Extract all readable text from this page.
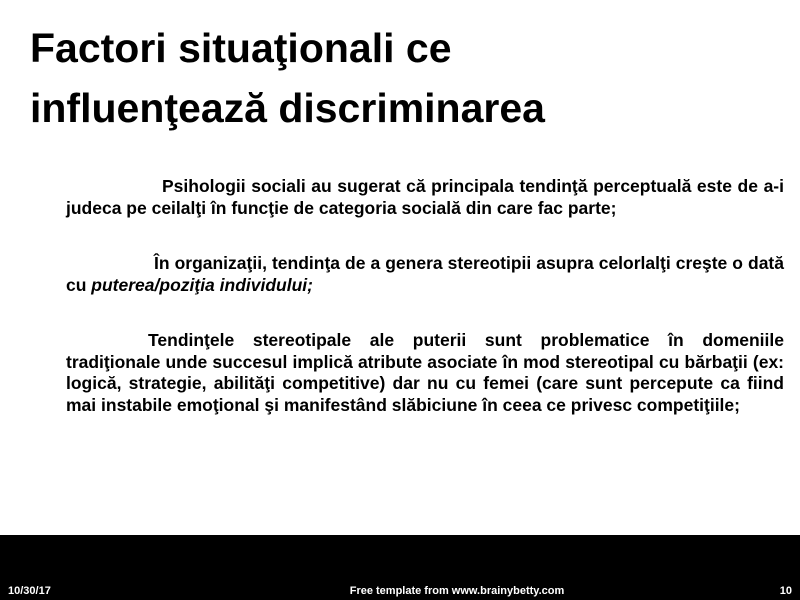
Factori situaţionali ce
influenţează discriminarea

Psihologii sociali au sugerat că principala tendinţă perceptuală este de a-i judeca pe ceilalţi în funcţie de categoria socială din care fac parte;

În organizaţii, tendinţa de a genera stereotipii asupra celorlalţi creşte o dată cu puterea/poziţia individului;

Tendinţele stereotipale ale puterii sunt problematice în domeniile tradiţionale unde succesul implică atribute asociate în mod stereotipal cu bărbaţii (ex: logică, strategie, abilităţi competitive) dar nu cu femei (care sunt percepute ca fiind mai instabile emoţional şi manifestând slăbiciune în ceea ce privesc competiţiile;

10/30/17	Free template from www.brainybetty.com	10
